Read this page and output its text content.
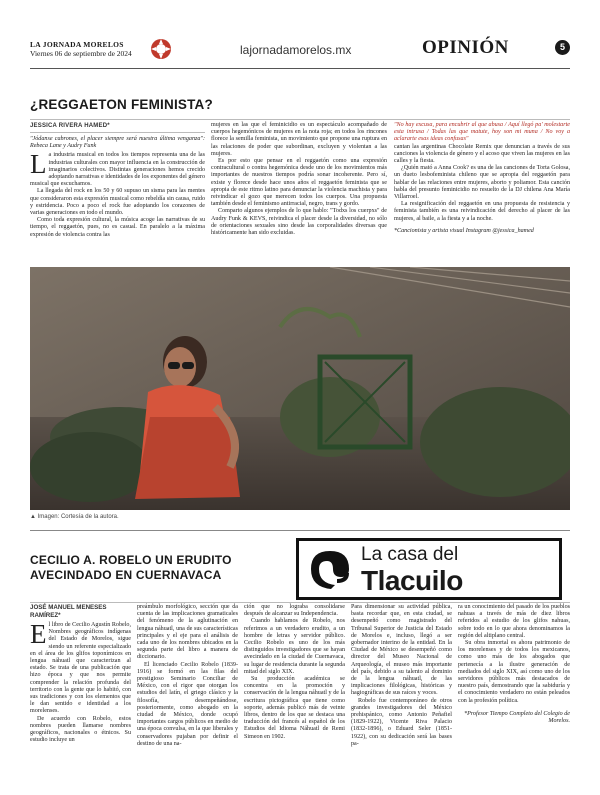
LA JORNADA MORELOS
Viernes 06 de septiembre de 2024	lajornadamorelos.mx	OPINIÓN	5
¿REGGAETON FEMINISTA?
JESSICA RIVERA HAMED*

"Jódanse cabrones, el placer siempre será nuestra última venganza": Rebeca Lane y Audry Funk

La industria musical en todos los tiempos representa una de las industrias culturales con mayor influencia en la construcción de imaginarios colectivos. Distintas generaciones hemos crecido adoptando narrativas e identidades de los exponentes del género musical que escuchamos.

La llegada del rock en los 50 y 60 supuso un sisma para las mentes que consideraron esta expresión musical como rebeldía sin causa, ruido y estridencia. Poco a poco el rock fue adoptando los corazones de varias generaciones en todo el mundo.

Como toda expresión cultural, la música acoge las narrativas de su tiempo, el reggaetón, pues, no es casual. En paralelo a la máxima expresión de violencia contra las

mujeres en las que el feminicidio es un espectáculo acompañado de cuerpos hegemónicos de mujeres en la nota roja; en todos los rincones florece la semilla feminista, un movimiento que propone una ruptura en las relaciones de poder que subordinan, excluyen y violentan a las mujeres.

Es por esto que pensar en el reggaetón como una expresión contracultural o contra hegemónica desde uno de los movimientos más importantes de nuestros tiempos podría sonar incoherente. Pero sí, existe y florece desde hace unos años el reggaetón feminista que se apropia de este ritmo latino para denunciar la violencia machista y para reivindicar el gozo que merecen todos los cuerpos. Una propuesta también desde el feminismo antirracial, negro, trans y gordo.

Comparto algunos ejemplos de lo que hablo: "Todxs los cuerpxs" de Audry Funk & KEVS, reivindica el placer desde la diversidad, no sólo de orientaciones sexuales sino desde las corporalidades diversas que históricamente han sido excluidas.

"No hay excusa, para encubrir al que abusa / Aquí llegó pa' molestarte esta intrusa / Todas las que matute, hoy son mi muna / No voy a aclararte esas ideas confusas"

cantan las argentinas Chocolate Remix que denuncian a través de sus canciones la violencia de género y el acoso que viven las mujeres en las calles y la fiesta.

¿Quién mató a Anna Cook? es una de las canciones de Torta Golosa, un dueto lesbofeminista chileno que se apropia del reggaetón para hablar de las relaciones entre mujeres, aborto y poliamor. Esta canción habla del presunto feminicidio no resuelto de la DJ chilena Ana María Villarroel.

La resignificación del reggaetón en una propuesta de resistencia y feminista también es una reivindicación del derecho al placer de las mujeres, al baile, a la fiesta y a la noche.

*Cancionista y artista visual Instagram @jessica_hamed

▲ Imagen: Cortesía de la autora.
CECILIO A. ROBELO UN ERUDITO AVECINDADO EN CUERNAVACA
La casa del
Tlacuilo
JOSÉ MANUEL MENESES RAMÍREZ*

El libro de Cecilio Agustín Robelo, Nombres geográficos indígenas del Estado de Morelos, sigue siendo un referente especializado en el área de los glifos toponímicos en lengua náhuatl que caracterizan al estado. Se trata de una publicación que hizo época y que nos permite comprender la relación profunda del territorio con la gente que lo habitó, con sus tradiciones y con los elementos que le dan sentido e identidad a los morelenses.

De acuerdo con Robelo, estos nombres pueden llamarse nombres geográficos, nacionales o étnicos. Su estudio incluye un

preámbulo morfológico, sección que da cuenta de las implicaciones gramaticales del fenómeno de la aglutinación en lengua náhuatl, una de sus características principales y el eje para el análisis de cada uno de los nombres ubicados en la segunda parte del libro a manera de diccionario.

El licenciado Cecilio Robelo (1839-1916) se formó en las filas del prestigioso Seminario Conciliar de México, con el rigor que otorgan los estudios del latín, el griego clásico y la filosofía, desempeñándose, posteriormente, como abogado en la ciudad de México, donde ocupó importantes cargos públicos en medio de una época convulsa, en la que liberales y conservadores pujaban por definir el destino de una na-

ción que no lograba consolidarse después de alcanzar su Independencia.

Cuando hablamos de Robelo, nos referimos a un verdadero erudito, a un hombre de letras y servidor público. Cecilio Robelo es uno de los más distinguidos investigadores que se hayan avecindado en la ciudad de Cuernavaca, su lugar de residencia durante la segunda mitad del siglo XIX.

Su producción académica se concentra en la promoción y conservación de la lengua náhuatl y de la escritura pictográfica que tiene como soporte, además publicó más de veinte libros, dentro de los que se destaca una traducción del francés al español de los Estudios del Idioma Náhuatl de Remi Simeon en 1902.

Para dimensionar su actividad pública, basta recordar que, en esta ciudad, se desempeñó como magistrado del Tribunal Superior de Justicia del Estado de Morelos e, incluso, llegó a ser gobernador interino de la entidad. En la Ciudad de México se desempeñó como director del Museo Nacional de Arqueología, el museo más importante del país, debido a su talento al dominio de la lengua náhuatl, de las implicaciones filológicas, históricas y hagiográficas de sus raíces y voces.

Robelo fue contemporáneo de otros grandes investigadores del México prehispánico, como Antonio Peñafiel (1829-1922), Vicente Riva Palacio (1832-1896), o Eduard Seler (1851-1922), con su dedicación será las bases pa-

ra un conocimiento del pasado de los pueblos nahuas a través de más de diez libros referidos al estudio de los glifos nahuas, sobre todo en lo que ahora denominamos la región del altiplano central.

Su obra inmortal es ahora patrimonio de los morelenses y de todos los mexicanos, como uno más de los abogados que pertenecía a la ilustre generación de mediados del siglo XIX, así como uno de los servidores públicos más destacados de nuestro país, demostrando que la sabiduría y el conocimiento verdadero no están peleados con la profesión política.

*Profesor Tiempo Completo del Colegio de Morelos.
